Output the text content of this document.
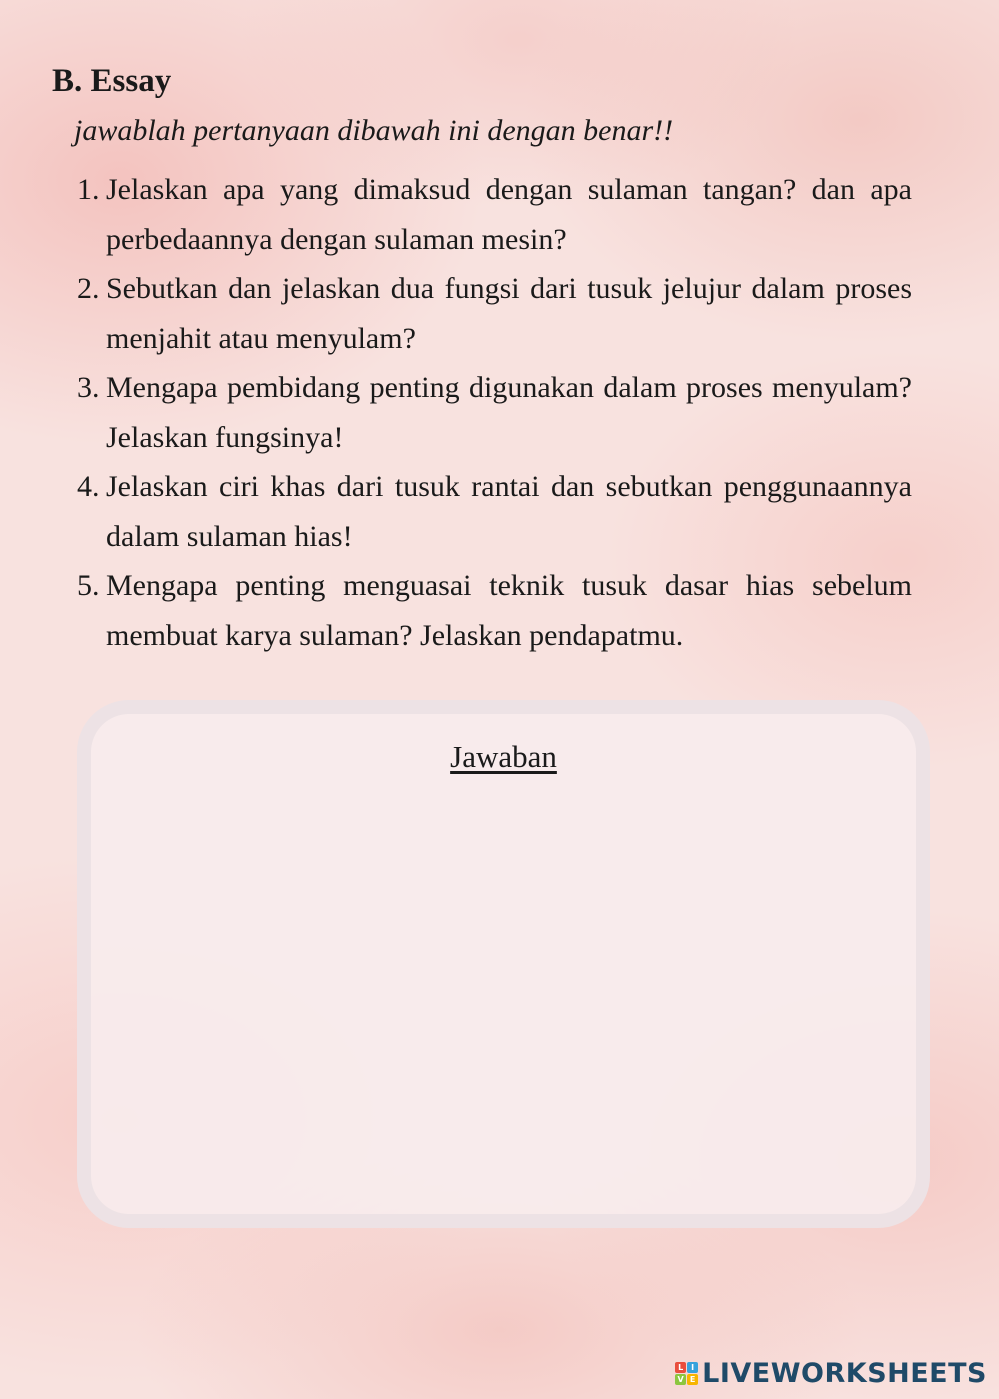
B. Essay

jawablah pertanyaan dibawah ini dengan benar!!

1. Jelaskan apa yang dimaksud dengan sulaman tangan? dan apa perbedaannya dengan sulaman mesin?
2. Sebutkan dan jelaskan dua fungsi dari tusuk jelujur dalam proses menjahit atau menyulam?
3. Mengapa pembidang penting digunakan dalam proses menyulam? Jelaskan fungsinya!
4. Jelaskan ciri khas dari tusuk rantai dan sebutkan penggunaannya dalam sulaman hias!
5. Mengapa penting menguasai teknik tusuk dasar hias sebelum membuat karya sulaman? Jelaskan pendapatmu.
Jawaban
L I
V E LIVEWORKSHEETS
